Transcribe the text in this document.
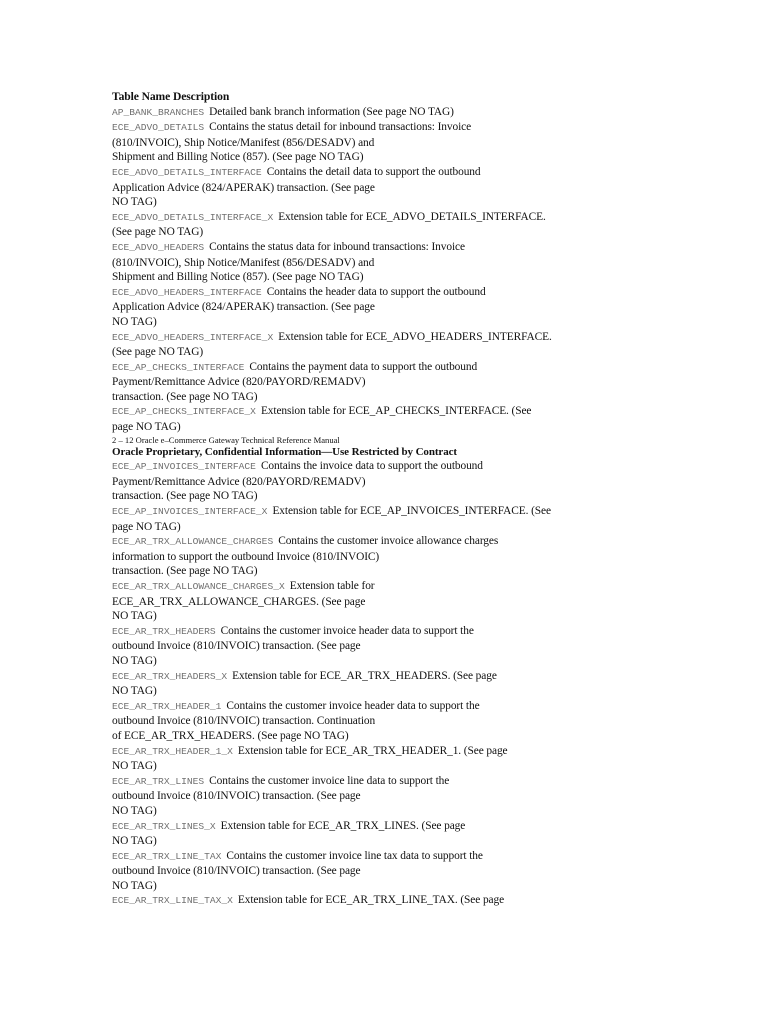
Table Name Description
AP_BANK_BRANCHES Detailed bank branch information (See page NO TAG)
ECE_ADVO_DETAILS Contains the status detail for inbound transactions: Invoice
(810/INVOIC), Ship Notice/Manifest (856/DESADV) and
Shipment and Billing Notice (857). (See page NO TAG)
ECE_ADVO_DETAILS_INTERFACE Contains the detail data to support the outbound
Application Advice (824/APERAK) transaction. (See page
NO TAG)
ECE_ADVO_DETAILS_INTERFACE_X Extension table for ECE_ADVO_DETAILS_INTERFACE.
(See page NO TAG)
ECE_ADVO_HEADERS Contains the status data for inbound transactions: Invoice
(810/INVOIC), Ship Notice/Manifest (856/DESADV) and
Shipment and Billing Notice (857). (See page NO TAG)
ECE_ADVO_HEADERS_INTERFACE Contains the header data to support the outbound
Application Advice (824/APERAK) transaction. (See page
NO TAG)
ECE_ADVO_HEADERS_INTERFACE_X Extension table for ECE_ADVO_HEADERS_INTERFACE.
(See page NO TAG)
ECE_AP_CHECKS_INTERFACE Contains the payment data to support the outbound
Payment/Remittance Advice (820/PAYORD/REMADV)
transaction. (See page NO TAG)
ECE_AP_CHECKS_INTERFACE_X Extension table for ECE_AP_CHECKS_INTERFACE. (See
page NO TAG)
2 – 12 Oracle e–Commerce Gateway Technical Reference Manual
Oracle Proprietary, Confidential Information—Use Restricted by Contract
ECE_AP_INVOICES_INTERFACE Contains the invoice data to support the outbound
Payment/Remittance Advice (820/PAYORD/REMADV)
transaction. (See page NO TAG)
ECE_AP_INVOICES_INTERFACE_X Extension table for ECE_AP_INVOICES_INTERFACE. (See
page NO TAG)
ECE_AR_TRX_ALLOWANCE_CHARGES Contains the customer invoice allowance charges
information to support the outbound Invoice (810/INVOIC)
transaction. (See page NO TAG)
ECE_AR_TRX_ALLOWANCE_CHARGES_X Extension table for
ECE_AR_TRX_ALLOWANCE_CHARGES. (See page
NO TAG)
ECE_AR_TRX_HEADERS Contains the customer invoice header data to support the
outbound Invoice (810/INVOIC) transaction. (See page
NO TAG)
ECE_AR_TRX_HEADERS_X Extension table for ECE_AR_TRX_HEADERS. (See page
NO TAG)
ECE_AR_TRX_HEADER_1 Contains the customer invoice header data to support the
outbound Invoice (810/INVOIC) transaction. Continuation
of ECE_AR_TRX_HEADERS. (See page NO TAG)
ECE_AR_TRX_HEADER_1_X Extension table for ECE_AR_TRX_HEADER_1. (See page
NO TAG)
ECE_AR_TRX_LINES Contains the customer invoice line data to support the
outbound Invoice (810/INVOIC) transaction. (See page
NO TAG)
ECE_AR_TRX_LINES_X Extension table for ECE_AR_TRX_LINES. (See page
NO TAG)
ECE_AR_TRX_LINE_TAX Contains the customer invoice line tax data to support the
outbound Invoice (810/INVOIC) transaction. (See page
NO TAG)
ECE_AR_TRX_LINE_TAX_X Extension table for ECE_AR_TRX_LINE_TAX. (See page
